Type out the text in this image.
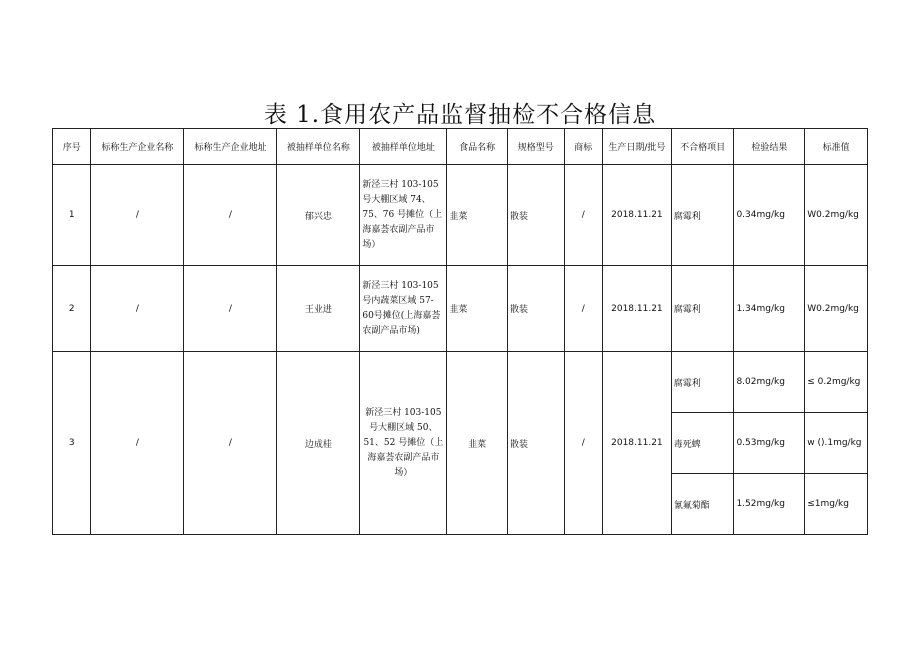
表 1.食用农产品监督抽检不合格信息
序号	标称生产企业名称	标称生产企业地址	被抽样单位名称	被抽样单位地址	食品名称	规格型号	商标	生产日期/批号	不合格项目	检验结果	标准值
1	/	/	郁兴忠	新泾三村 103-105号大棚区域 74、75、76 号摊位（上海嘉荟农副产品市场）	韭菜	散装	/	2018.11.21	腐霉利	0.34mg/kg	W0.2mg/kg
2	/	/	王业进	新泾三村 103-105号内蔬菜区域 57-60号摊位(上海嘉荟农副产品市场)	韭菜	散装	/	2018.11.21	腐霉利	1.34mg/kg	W0.2mg/kg
3	/	/	边成桂	新泾三村 103-105号大棚区域 50、51、52 号摊位（上海嘉荟农副产品市场）	韭菜	散装	/	2018.11.21	腐霉利	8.02mg/kg	≤ 0.2mg/kg
									毒死蜱	0.53mg/kg	w ().1mg/kg
									氰氟菊酯	1.52mg/kg	≤1mg/kg
